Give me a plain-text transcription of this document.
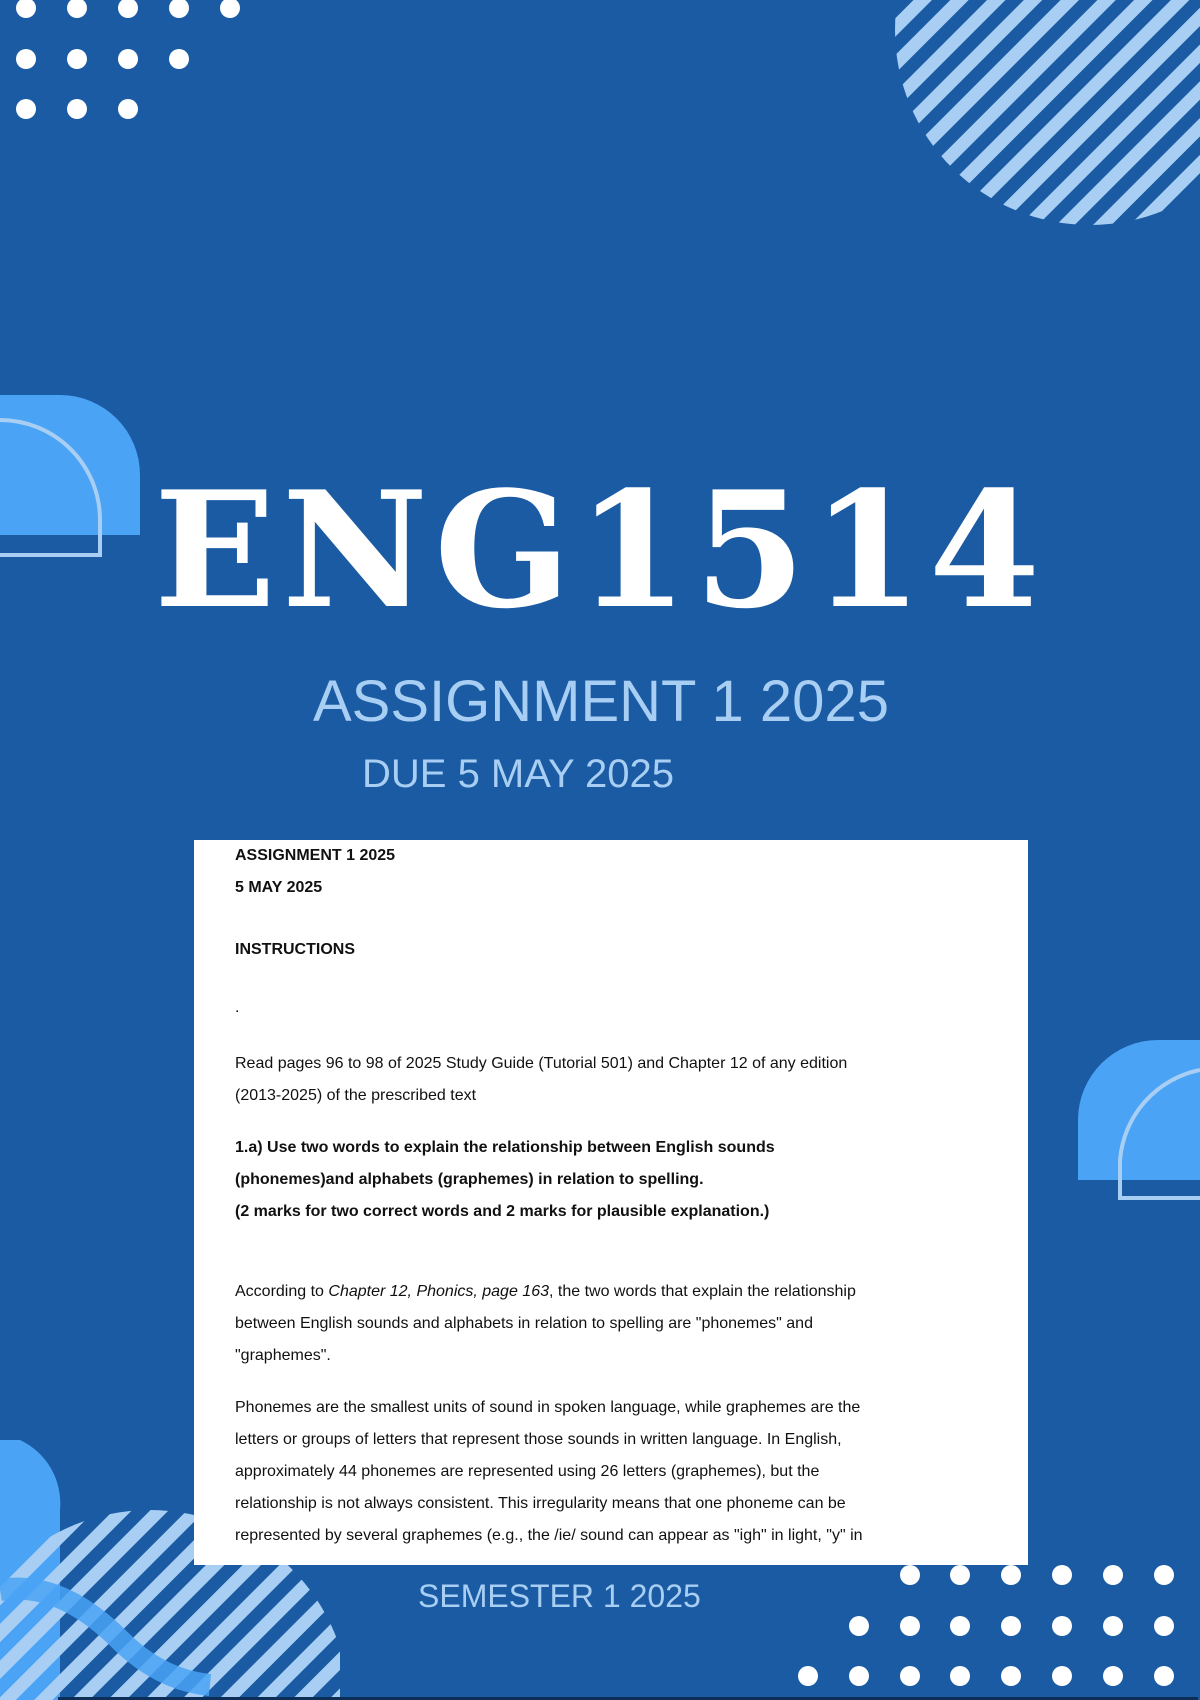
ENG1514
ASSIGNMENT 1 2025
DUE 5 MAY 2025

ASSIGNMENT 1 2025

5 MAY 2025

INSTRUCTIONS

.

Read pages 96 to 98 of 2025 Study Guide (Tutorial 501) and Chapter 12 of any edition

(2013-2025) of the prescribed text

1.a) Use two words to explain the relationship between English sounds

(phonemes)and alphabets (graphemes) in relation to spelling.

(2 marks for two correct words and 2 marks for plausible explanation.)

According to Chapter 12, Phonics, page 163, the two words that explain the relationship

between English sounds and alphabets in relation to spelling are "phonemes" and

"graphemes".

Phonemes are the smallest units of sound in spoken language, while graphemes are the

letters or groups of letters that represent those sounds in written language. In English,

approximately 44 phonemes are represented using 26 letters (graphemes), but the

relationship is not always consistent. This irregularity means that one phoneme can be

represented by several graphemes (e.g., the /ie/ sound can appear as "igh" in light, "y" in

SEMESTER 1 2025
